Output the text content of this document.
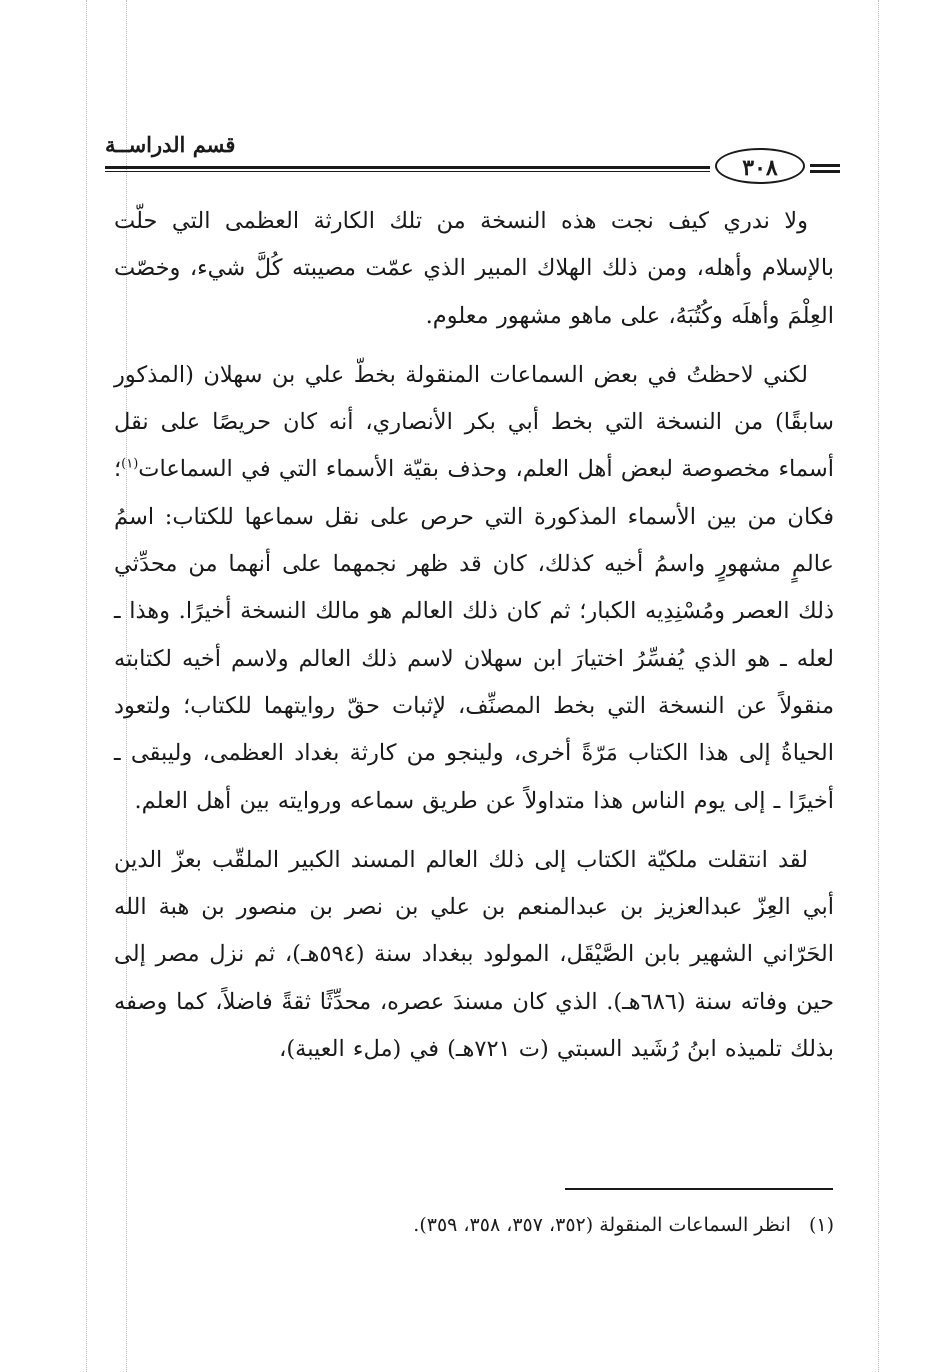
قسم الدراســة
٣٠٨

ولا ندري كيف نجت هذه النسخة من تلك الكارثة العظمى التي حلّت بالإسلام وأهله، ومن ذلك الهلاك المبير الذي عمّت مصيبته كُلَّ شيء، وخصّت العِلْمَ وأهلَه وكُتُبَهُ، على ماهو مشهور معلوم.

لكني لاحظتُ في بعض السماعات المنقولة بخطّ علي بن سهلان (المذكور سابقًا) من النسخة التي بخط أبي بكر الأنصاري، أنه كان حريصًا على نقل أسماء مخصوصة لبعض أهل العلم، وحذف بقيّة الأسماء التي في السماعات$^{(١)}$؛ فكان من بين الأسماء المذكورة التي حرص على نقل سماعها للكتاب: اسمُ عالمٍ مشهورٍ واسمُ أخيه كذلك، كان قد ظهر نجمهما على أنهما من محدِّثي ذلك العصر ومُسْنِدِيه الكبار؛ ثم كان ذلك العالم هو مالك النسخة أخيرًا. وهذا ـ لعله ـ هو الذي يُفسِّرُ اختيارَ ابن سهلان لاسم ذلك العالم ولاسم أخيه لكتابته منقولاً عن النسخة التي بخط المصنِّف، لإثبات حقّ روايتهما للكتاب؛ ولتعود الحياةُ إلى هذا الكتاب مَرّةً أخرى، ولينجو من كارثة بغداد العظمى، وليبقى ـ أخيرًا ـ إلى يوم الناس هذا متداولاً عن طريق سماعه وروايته بين أهل العلم.

لقد انتقلت ملكيّة الكتاب إلى ذلك العالم المسند الكبير الملقّب بعزّ الدين أبي العِزّ عبدالعزيز بن عبدالمنعم بن علي بن نصر بن منصور بن هبة الله الحَرّاني الشهير بابن الصَّيْقَل، المولود ببغداد سنة (٥٩٤هـ)، ثم نزل مصر إلى حين وفاته سنة (٦٨٦هـ). الذي كان مسندَ عصره، محدِّثًا ثقةً فاضلاً، كما وصفه بذلك تلميذه ابنُ رُشَيد السبتي (ت ٧٢١هـ) في (ملء العيبة)،

(١)انظر السماعات المنقولة (٣٥٢، ٣٥٧، ٣٥٨، ٣٥٩).
